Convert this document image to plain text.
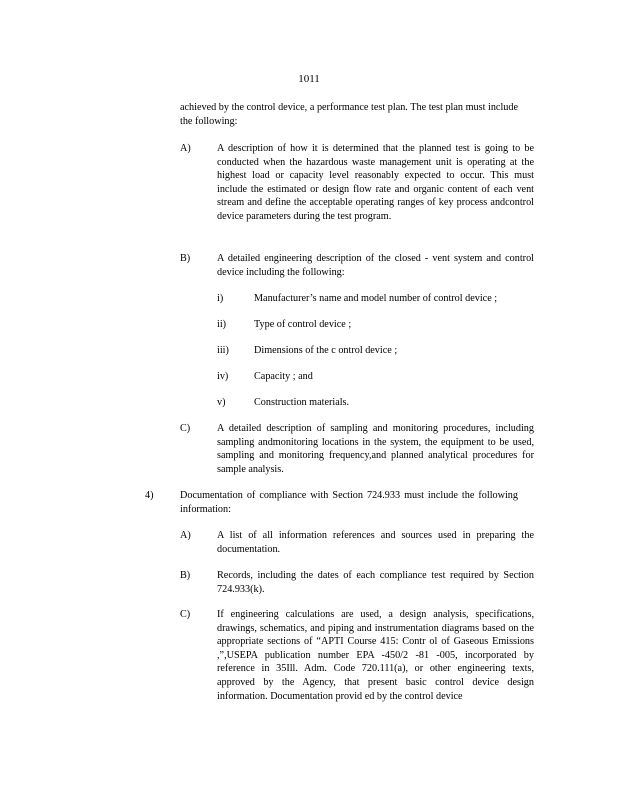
1011

achieved by the control device, a performance test plan. The test plan must include the following:

A)	A description of how it is determined that the planned test is going to be conducted when the hazardous waste management unit is operating at the highest load or capacity level reasonably expected to occur. This must include the estimated or design flow rate and organic content of each vent stream and define the acceptable operating ranges of key process andcontrol device parameters during the test program.

B)	A detailed engineering description of the closed - vent system and control device including the following:

i)	Manufacturer’s name and model number of control device ;
ii)	Type of control device ;
iii) Dimensions of the c ontrol device ;
iv)	Capacity ; and
v)	Construction materials.
C)	A detailed description of sampling and monitoring procedures, including sampling andmonitoring locations in the system, the equipment to be used, sampling and monitoring frequency,and planned analytical procedures for sample analysis.

4)	Documentation of compliance with Section 724.933 must include the following information:

A)	A list of all information references and sources used in preparing the documentation.

B)	Records, including the dates of each compliance test required by Section 724.933(k).

C)	If engineering calculations are used, a design analysis, specifications, drawings, schematics, and piping and instrumentation diagrams based on the appropriate sections of “APTI Course 415: Contr ol of Gaseous Emissions ,”,USEPA publication number EPA -450/2 -81 -005, incorporated by reference in 35Ill. Adm. Code 720.111(a), or other engineering texts, approved by the Agency, that present basic control device design information. Documentation provid ed by the control device
